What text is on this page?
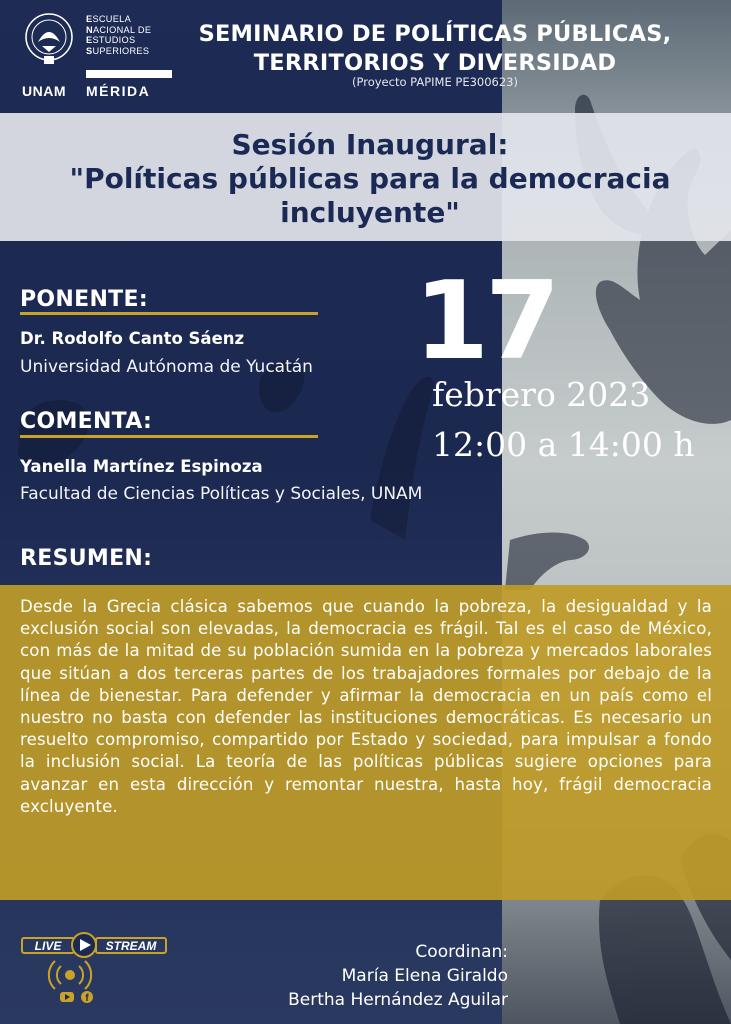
ESCUELA
NACIONAL DE
ESTUDIOS
SUPERIORES
UNAM MÉRIDA
SEMINARIO DE POLÍTICAS PÚBLICAS,
TERRITORIOS Y DIVERSIDAD
(Proyecto PAPIME PE300623)
Sesión Inaugural:
"Políticas públicas para la democracia
incluyente"
PONENTE:
Dr. Rodolfo Canto Sáenz
Universidad Autónoma de Yucatán
COMENTA:
Yanella Martínez Espinoza
Facultad de Ciencias Políticas y Sociales, UNAM
17
febrero 2023
12:00 a 14:00 h
RESUMEN:
Desde la Grecia clásica sabemos que cuando la pobreza, la desigualdad y la exclusión social son elevadas, la democracia es frágil. Tal es el caso de México, con más de la mitad de su población sumida en la pobreza y mercados laborales que sitúan a dos terceras partes de los trabajadores formales por debajo de la línea de bienestar. Para defender y afirmar la democracia en un país como el nuestro no basta con defender las instituciones democráticas. Es necesario un resuelto compromiso, compartido por Estado y sociedad, para impulsar a fondo la inclusión social. La teoría de las políticas públicas sugiere opciones para avanzar en esta dirección y remontar nuestra, hasta hoy, frágil democracia excluyente.
LIVE	STREAM
f
Coordinan:
María Elena Giraldo
Bertha Hernández Aguilar
